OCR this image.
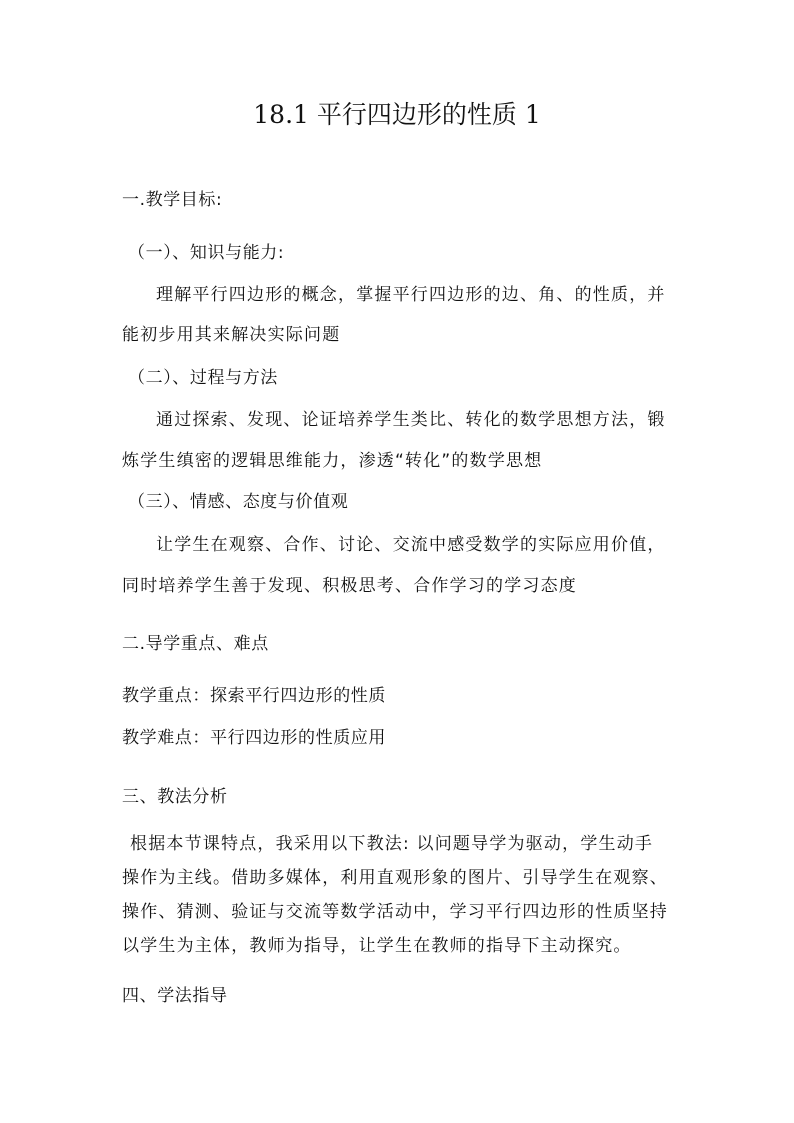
18.1 平行四边形的性质 1
一.教学目标:
（一）、知识与能力:
理解平行四边形的概念，掌握平行四边形的边、角、的性质，并
能初步用其来解决实际问题
（二）、过程与方法
通过探索、发现、论证培养学生类比、转化的数学思想方法，锻
炼学生缜密的逻辑思维能力，渗透“转化”的数学思想
（三）、情感、态度与价值观
让学生在观察、合作、讨论、交流中感受数学的实际应用价值，
同时培养学生善于发现、积极思考、合作学习的学习态度
二.导学重点、难点
教学重点：探索平行四边形的性质
教学难点：平行四边形的性质应用
三、教法分析
根据本节课特点，我采用以下教法: 以问题导学为驱动，学生动手
操作为主线。借助多媒体，利用直观形象的图片、引导学生在观察、
操作、猜测、验证与交流等数学活动中，学习平行四边形的性质坚持
以学生为主体，教师为指导，让学生在教师的指导下主动探究。
四、学法指导
